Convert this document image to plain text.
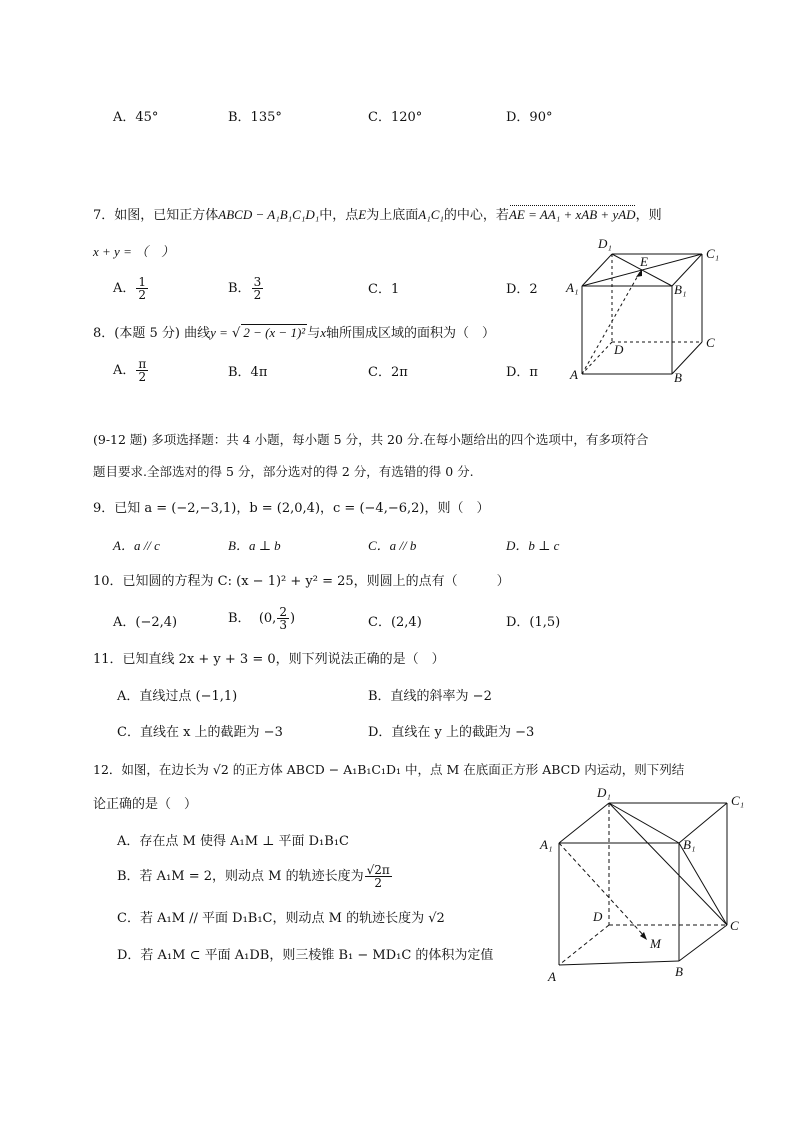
A．45°	B．135°	C．120°	D．90°
7．如图，已知正方体ABCD − A₁B₁C₁D₁中，点E为上底面A₁C₁的中心，若AE = AA₁ + xAB + yAD，则
x + y = （　）
A． $\frac{1}{2}$	B． $\frac{3}{2}$	C．1	D．2
D₁
C₁
A₁	B₁
E
D	C
A	B
8．(本题 5 分) 曲线y = √ 2 − (x − 1)² 与x轴所围成区域的面积为（　）
A． $\frac{\pi}{2}$	B．4π	C．2π	D．π
(9-12 题) 多项选择题：共 4 小题，每小题 5 分，共 20 分.在每小题给出的四个选项中，有多项符合
题目要求.全部选对的得 5 分，部分选对的得 2 分，有选错的得 0 分.
9．已知 a = (−2,−3,1)，b = (2,0,4)，c = (−4,−6,2)，则（　）
A．a // c	B．a ⊥ b	C．a // b	D．b ⊥ c
10．已知圆的方程为 C: (x − 1)² + y² = 25，则圆上的点有（　　　）
A．(−2,4)	B． (0, $\frac{2}{3}$ )	C．(2,4)	D．(1,5)
11．已知直线 2x + y + 3 = 0，则下列说法正确的是（　）
A．直线过点 (−1,1)	B．直线的斜率为 −2
C．直线在 x 上的截距为 −3	D．直线在 y 上的截距为 −3
12．如图，在边长为 √2 的正方体 ABCD − A₁B₁C₁D₁ 中，点 M 在底面正方形 ABCD 内运动，则下列结
论正确的是（　）
A．存在点 M 使得 A₁M ⊥ 平面 D₁B₁C
B．若 A₁M = 2，则动点 M 的轨迹长度为 $\frac{√2\pi}{2}$
C．若 A₁M // 平面 D₁B₁C，则动点 M 的轨迹长度为 √2
D．若 A₁M ⊂ 平面 A₁DB，则三棱锥 B₁ − MD₁C 的体积为定值
D₁
C₁
A₁	B₁
D
C
M
A	B
